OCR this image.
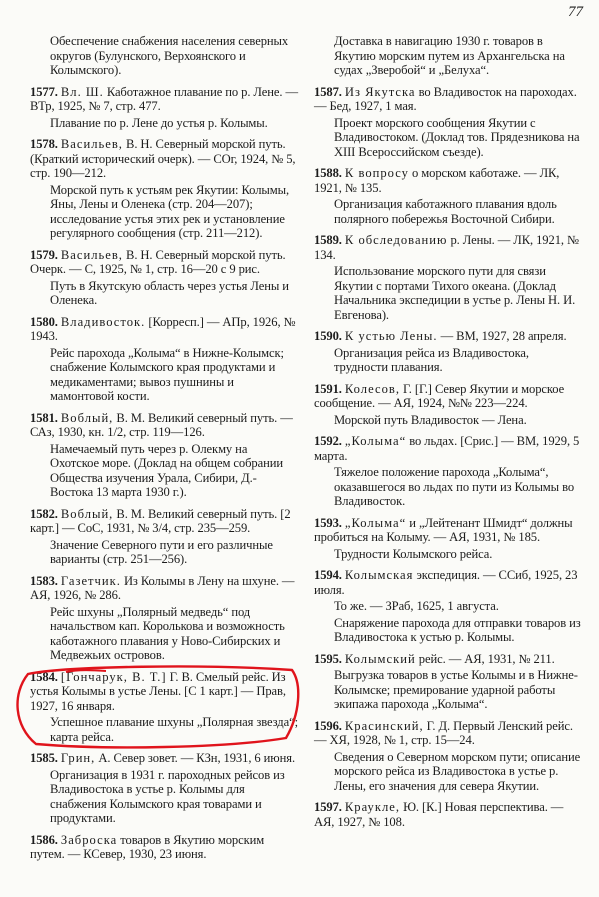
77

Обеспечение снабжения населения северных округов (Булунского, Верхоянского и Колымского).

1577. Вл. Ш. Каботажное плавание по р. Лене. — ВТр, 1925, № 7, стр. 477.

Плавание по р. Лене до устья р. Колымы.

1578. Васильев, В. Н. Северный морской путь. (Краткий исторический очерк). — СОг, 1924, № 5, стр. 190—212.

Морской путь к устьям рек Якутии: Колымы, Яны, Лены и Оленека (стр. 204—207); исследование устья этих рек и установление регулярного сообщения (стр. 211—212).

1579. Васильев, В. Н. Северный морской путь. Очерк. — С, 1925, № 1, стр. 16—20 с 9 рис.

Путь в Якутскую область через устья Лены и Оленека.

1580. Владивосток. [Корресп.] — АПр, 1926, № 1943.

Рейс парохода „Колыма“ в Нижне-Колымск; снабжение Колымского края продуктами и медикаментами; вывоз пушнины и мамонтовой кости.

1581. Воблый, В. М. Великий северный путь. — САз, 1930, кн. 1/2, стр. 119—126.

Намечаемый путь через р. Олекму на Охотское море. (Доклад на общем собрании Общества изучения Урала, Сибири, Д.-Востока 13 марта 1930 г.).

1582. Воблый, В. М. Великий северный путь. [2 карт.] — СоС, 1931, № 3/4, стр. 235—259.

Значение Северного пути и его различные варианты (стр. 251—256).

1583. Газетчик. Из Колымы в Лену на шхуне. — АЯ, 1926, № 286.

Рейс шхуны „Полярный медведь“ под начальством кап. Королькова и возможность каботажного плавания у Ново-Сибирских и Медвежьих островов.

1584. [Гончарук, В. Т.] Г. В. Смелый рейс. Из устья Колымы в устье Лены. [С 1 карт.] — Прав, 1927, 16 января.

Успешное плавание шхуны „Полярная звезда“; карта рейса.

1585. Грин, А. Север зовет. — КЗн, 1931, 6 июня.

Организация в 1931 г. пароходных рейсов из Владивостока в устье р. Колымы для снабжения Колымского края товарами и продуктами.

1586. Заброска товаров в Якутию морским путем. — КСевер, 1930, 23 июня.

Доставка в навигацию 1930 г. товаров в Якутию морским путем из Архангельска на судах „Зверобой“ и „Белуха“.

1587. Из Якутска во Владивосток на пароходах. — Бед, 1927, 1 мая.

Проект морского сообщения Якутии с Владивостоком. (Доклад тов. Прядезникова на XIII Всероссийском съезде).

1588. К вопросу о морском каботаже. — ЛК, 1921, № 135.

Организация каботажного плавания вдоль полярного побережья Восточной Сибири.

1589. К обследованию р. Лены. — ЛК, 1921, № 134.

Использование морского пути для связи Якутии с портами Тихого океана. (Доклад Начальника экспедиции в устье р. Лены Н. И. Евгенова).

1590. К устью Лены. — ВМ, 1927, 28 апреля.

Организация рейса из Владивостока, трудности плавания.

1591. Колесов, Г. [Г.] Север Якутии и морское сообщение. — АЯ, 1924, №№ 223—224.

Морской путь Владивосток — Лена.

1592. „Колыма“ во льдах. [Срис.] — ВМ, 1929, 5 марта.

Тяжелое положение парохода „Колыма“, оказавшегося во льдах по пути из Колымы во Владивосток.

1593. „Колыма“ и „Лейтенант Шмидт“ должны пробиться на Колыму. — АЯ, 1931, № 185.

Трудности Колымского рейса.

1594. Колымская экспедиция. — ССиб, 1925, 23 июля.

То же. — ЗРаб, 1625, 1 августа.

Снаряжение парохода для отправки товаров из Владивостока к устью р. Колымы.

1595. Колымский рейс. — АЯ, 1931, № 211.

Выгрузка товаров в устье Колымы и в Нижне-Колымске; премирование ударной работы экипажа парохода „Колыма“.

1596. Красинский, Г. Д. Первый Ленский рейс. — ХЯ, 1928, № 1, стр. 15—24.

Сведения о Северном морском пути; описание морского рейса из Владивостока в устье р. Лены, его значения для севера Якутии.

1597. Краукле, Ю. [К.] Новая перспектива. — АЯ, 1927, № 108.
